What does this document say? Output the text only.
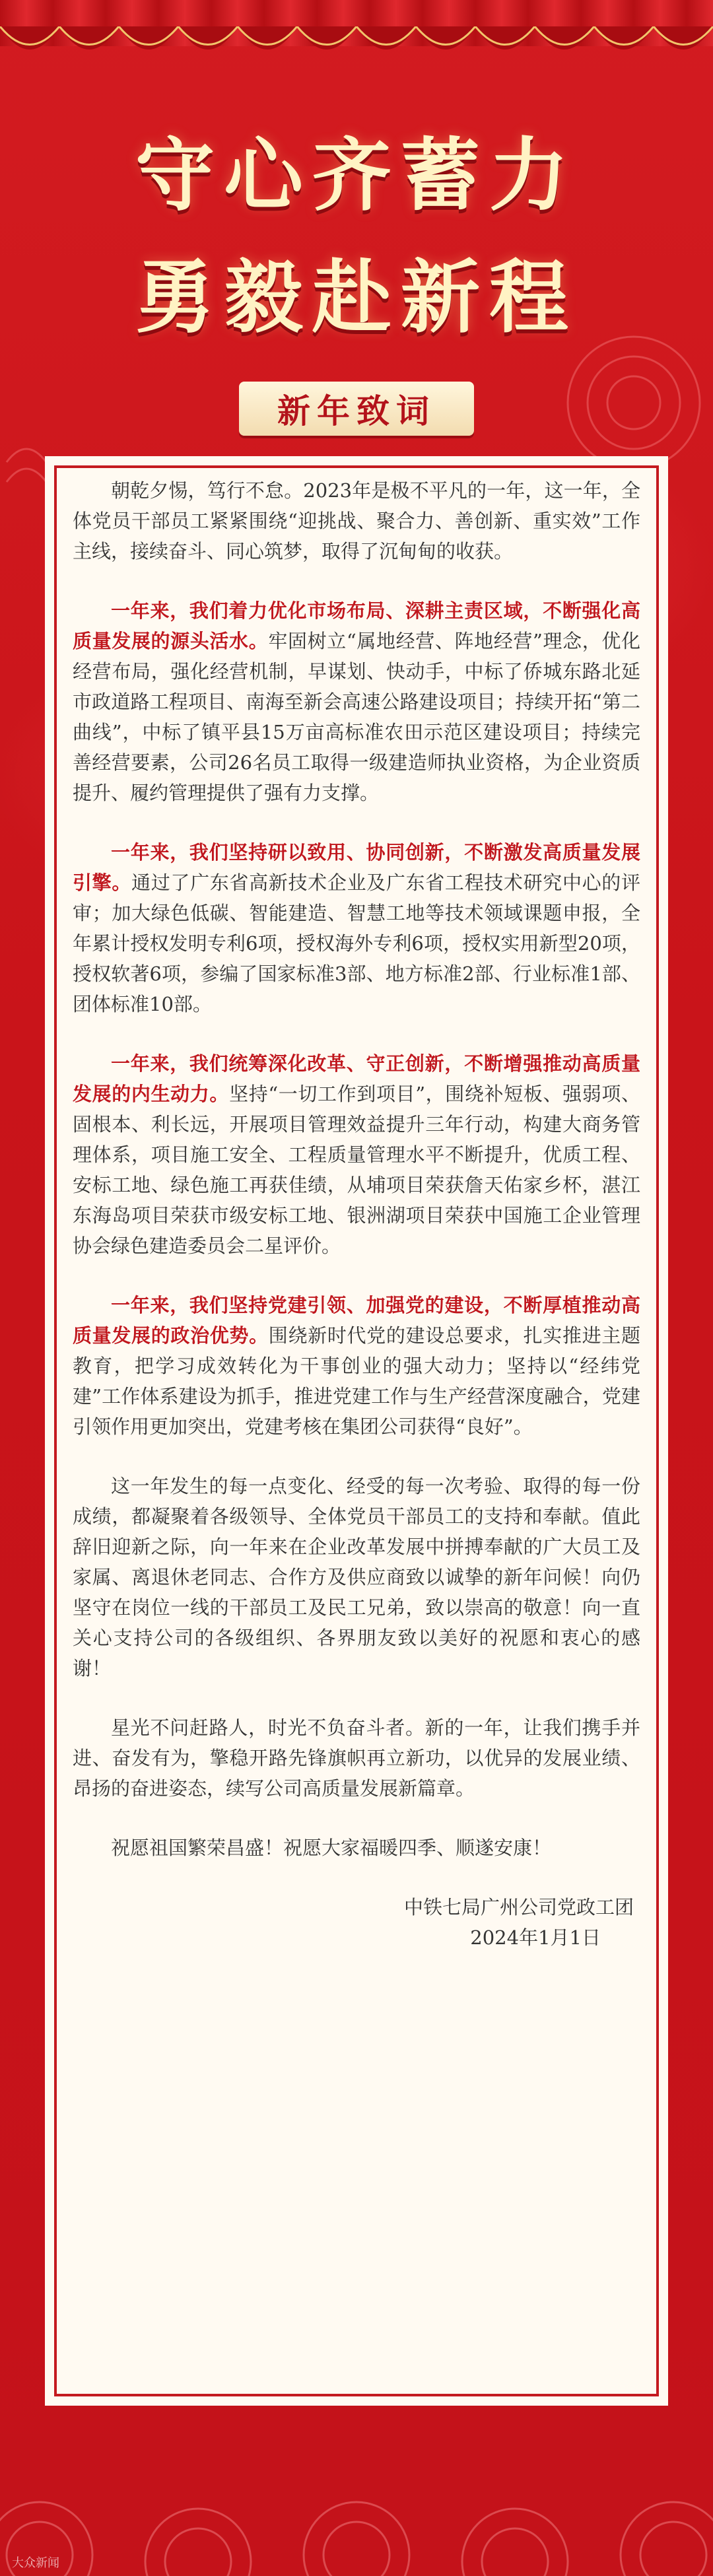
守心齐蓄力
勇毅赴新程
新年致词

朝乾夕惕，笃行不怠。2023年是极不平凡的一年，这一年，全体党员干部员工紧紧围绕“迎挑战、聚合力、善创新、重实效”工作主线，接续奋斗、同心筑梦，取得了沉甸甸的收获。

一年来，我们着力优化市场布局、深耕主责区域，不断强化高质量发展的源头活水。牢固树立“属地经营、阵地经营”理念，优化经营布局，强化经营机制，早谋划、快动手，中标了侨城东路北延市政道路工程项目、南海至新会高速公路建设项目；持续开拓“第二曲线”，中标了镇平县15万亩高标准农田示范区建设项目；持续完善经营要素，公司26名员工取得一级建造师执业资格，为企业资质提升、履约管理提供了强有力支撑。

一年来，我们坚持研以致用、协同创新，不断激发高质量发展引擎。通过了广东省高新技术企业及广东省工程技术研究中心的评审；加大绿色低碳、智能建造、智慧工地等技术领域课题申报，全年累计授权发明专利6项，授权海外专利6项，授权实用新型20项，授权软著6项，参编了国家标准3部、地方标准2部、行业标准1部、团体标准10部。

一年来，我们统筹深化改革、守正创新，不断增强推动高质量发展的内生动力。坚持“一切工作到项目”，围绕补短板、强弱项、固根本、利长远，开展项目管理效益提升三年行动，构建大商务管理体系，项目施工安全、工程质量管理水平不断提升，优质工程、安标工地、绿色施工再获佳绩，从埔项目荣获詹天佑家乡杯，湛江东海岛项目荣获市级安标工地、银洲湖项目荣获中国施工企业管理协会绿色建造委员会二星评价。

一年来，我们坚持党建引领、加强党的建设，不断厚植推动高质量发展的政治优势。围绕新时代党的建设总要求，扎实推进主题教育，把学习成效转化为干事创业的强大动力；坚持以“经纬党建”工作体系建设为抓手，推进党建工作与生产经营深度融合，党建引领作用更加突出，党建考核在集团公司获得“良好”。

这一年发生的每一点变化、经受的每一次考验、取得的每一份成绩，都凝聚着各级领导、全体党员干部员工的支持和奉献。值此辞旧迎新之际，向一年来在企业改革发展中拼搏奉献的广大员工及家属、离退休老同志、合作方及供应商致以诚挚的新年问候！向仍坚守在岗位一线的干部员工及民工兄弟，致以崇高的敬意！向一直关心支持公司的各级组织、各界朋友致以美好的祝愿和衷心的感谢！

星光不问赶路人，时光不负奋斗者。新的一年，让我们携手并进、奋发有为，擎稳开路先锋旗帜再立新功，以优异的发展业绩、昂扬的奋进姿态，续写公司高质量发展新篇章。

祝愿祖国繁荣昌盛！祝愿大家福暖四季、顺遂安康！

中铁七局广州公司党政工团
2024年1月1日
大众新闻
